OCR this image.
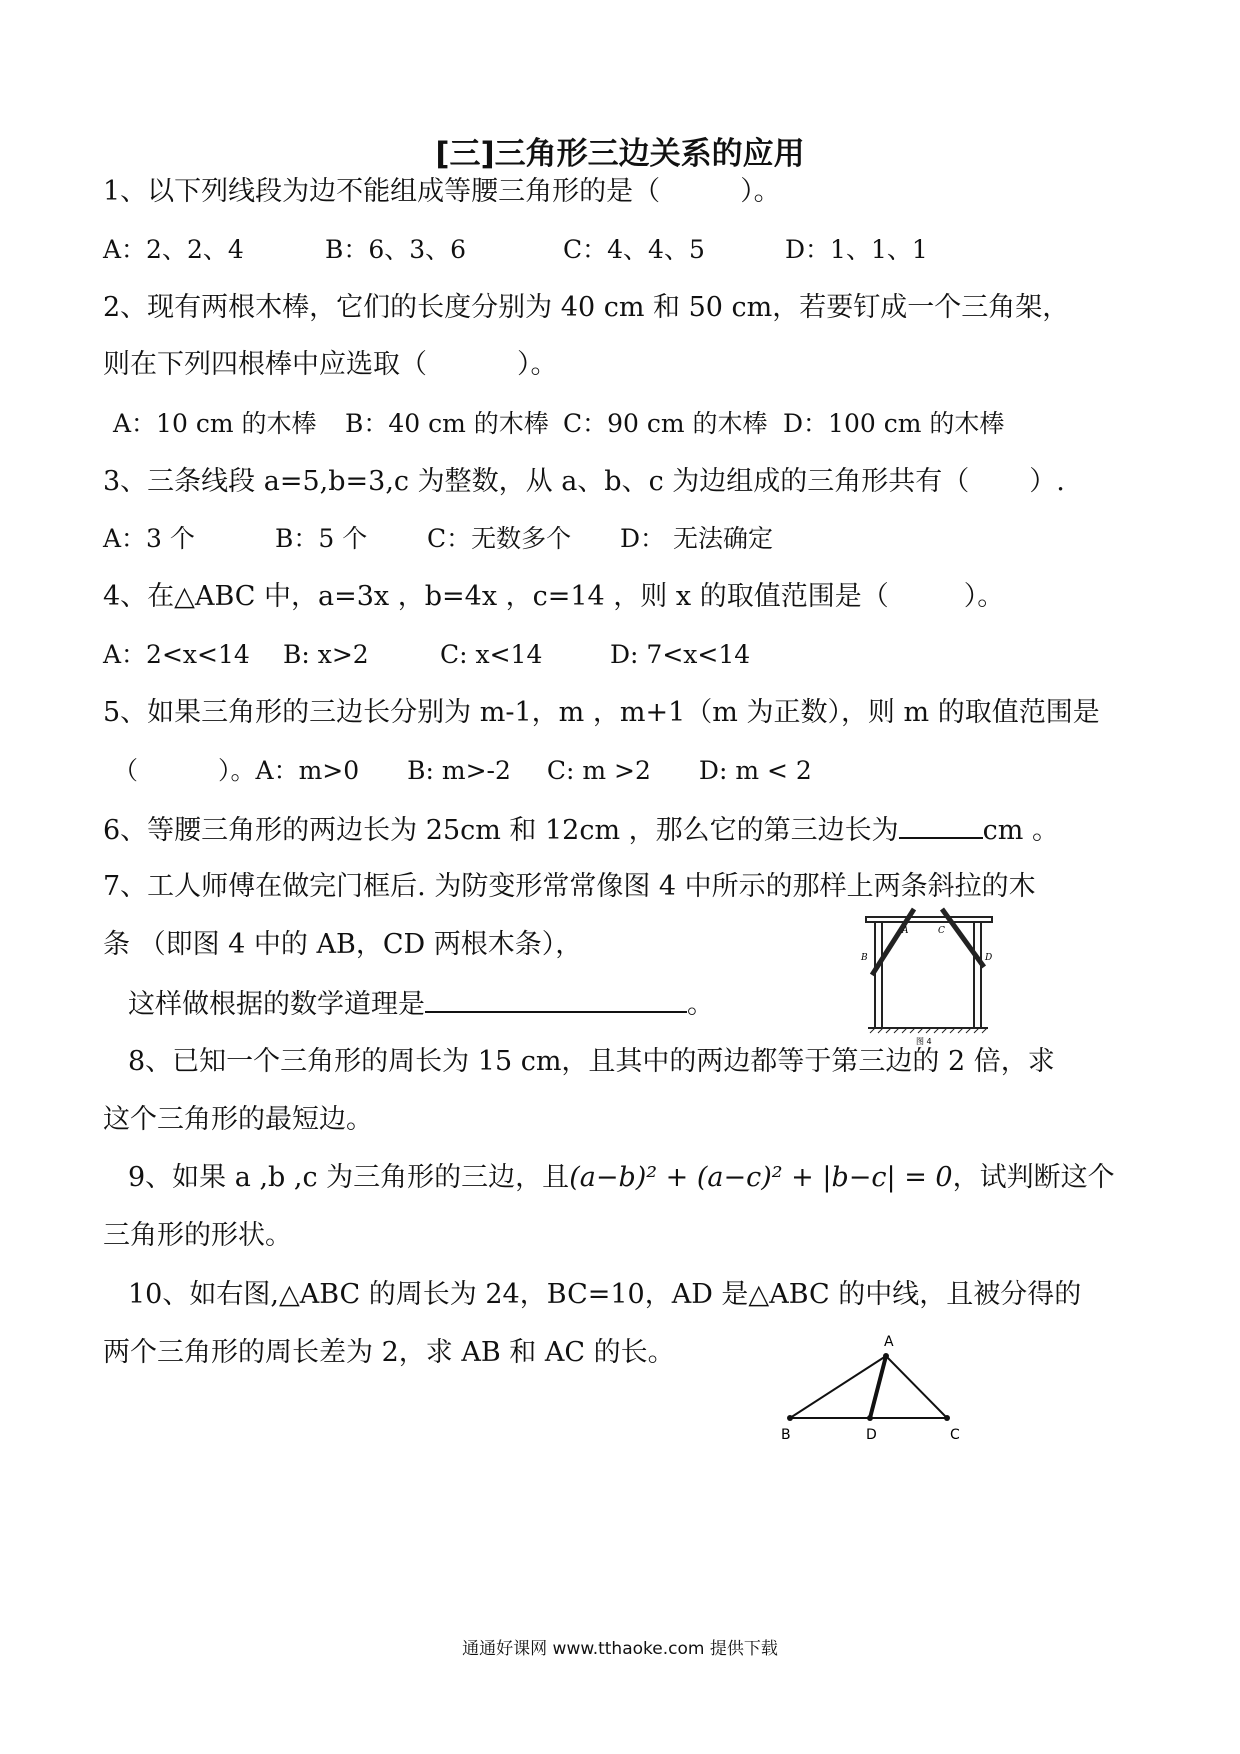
[三]三角形三边关系的应用
1、以下列线段为边不能组成等腰三角形的是（	）。
A：2、2、4	B：6、3、6	C：4、4、5	D：1、1、1
2、现有两根木棒，它们的长度分别为 40 cm 和 50 cm，若要钉成一个三角架，
则在下列四根棒中应选取（	）。
A：10 cm 的木棒 B：40 cm 的木棒 C：90 cm 的木棒 D：100 cm 的木棒
3、三条线段 a=5,b=3,c 为整数，从 a、b、c 为边组成的三角形共有（ ）.
A：3 个	B：5 个 C：无数多个 D： 无法确定
4、在△ABC 中，a=3x ，b=4x ，c=14 ，则 x 的取值范围是（	）。
A：2<x<14 B: x>2	C: x<14	D: 7<x<14
5、如果三角形的三边长分别为 m-1，m ，m+1（m 为正数），则 m 的取值范围是
（	）。A：m>0 B: m>-2 C: m >2 D: m < 2
6、等腰三角形的两边长为 25cm 和 12cm ，那么它的第三边长为	cm 。
7、工人师傅在做完门框后. 为防变形常常像图 4 中所示的那样上两条斜拉的木
条 （即图 4 中的 AB，CD 两根木条），
这样做根据的数学道理是	。
A	C
B	D
图 4
8、已知一个三角形的周长为 15 cm，且其中的两边都等于第三边的 2 倍，求
这个三角形的最短边。
9、如果 a ,b ,c 为三角形的三边，且(a−b)² + (a−c)² + |b−c| = 0，试判断这个
三角形的形状。
10、如右图,△ABC 的周长为 24，BC=10，AD 是△ABC 的中线，且被分得的
两个三角形的周长差为 2，求 AB 和 AC 的长。	A
B	D	C
通通好课网 www.tthaoke.com 提供下载
